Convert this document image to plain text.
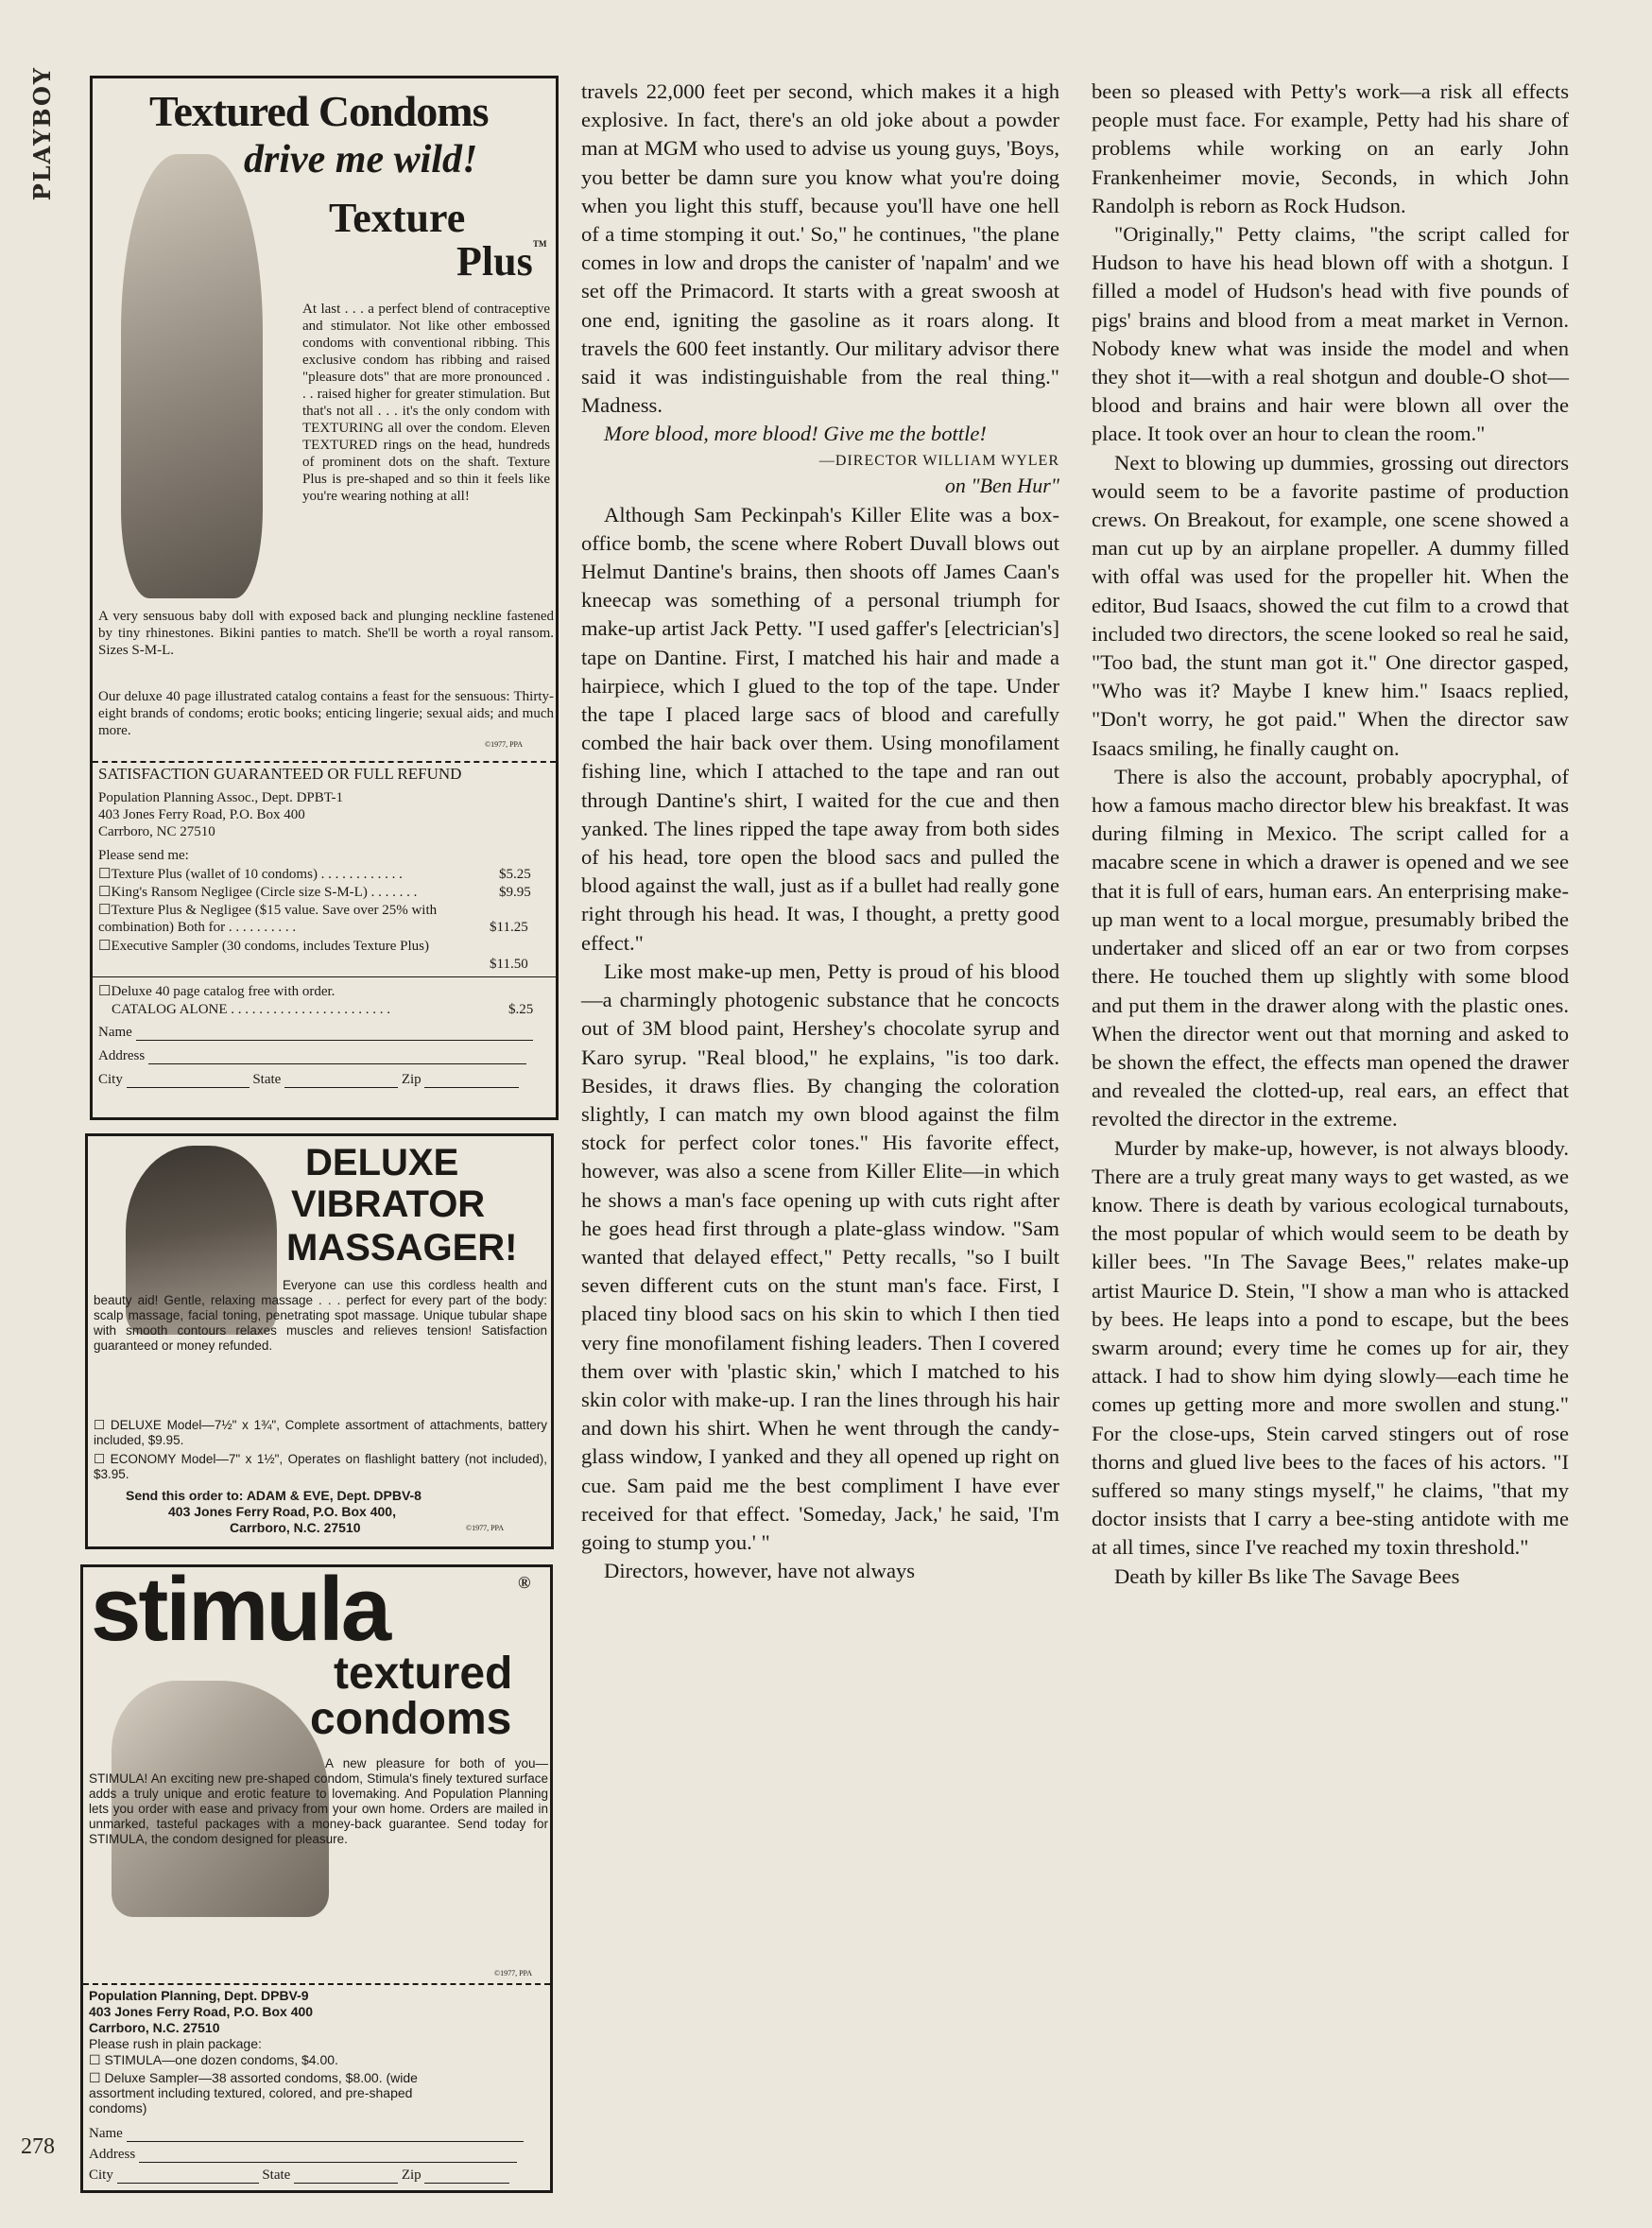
PLAYBOY
278
Textured Condoms
drive me wild!
Texture
Plus TM
At last . . . a perfect blend of contraceptive and stimulator. Not like other embossed condoms with conventional ribbing. This exclusive condom has ribbing and raised "pleasure dots" that are more pronounced . . . raised higher for greater stimulation. But that's not all . . . it's the only condom with TEXTURING all over the condom. Eleven TEXTURED rings on the head, hundreds of prominent dots on the shaft. Texture Plus is pre-shaped and so thin it feels like you're wearing nothing at all!
A very sensuous baby doll with exposed back and plunging neckline fastened by tiny rhinestones. Bikini panties to match. She'll be worth a royal ransom. Sizes S-M-L.
Our deluxe 40 page illustrated catalog contains a feast for the sensuous: Thirty-eight brands of condoms; erotic books; enticing lingerie; sexual aids; and much more.
©1977, PPA
SATISFACTION GUARANTEED OR FULL REFUND
Population Planning Assoc., Dept. DPBT-1
403 Jones Ferry Road, P.O. Box 400
Carrboro, NC 27510
Please send me:
☐Texture Plus (wallet of 10 condoms) . . . . . . . . . . . .	$5.25
☐King's Ransom Negligee (Circle size S-M-L) . . . . . . .	$9.95
☐Texture Plus & Negligee ($15 value. Save over 25% with combination) Both for . . . . . . . . . .	$11.25
☐Executive Sampler (30 condoms, includes Texture Plus)
$11.50
☐Deluxe 40 page catalog free with order.
CATALOG ALONE . . . . . . . . . . . . . . . . . . . . . . .	$.25
Name
Address
City	State	Zip
DELUXE
VIBRATOR
MASSAGER!
Everyone can use this cordless health and beauty aid! Gentle, relaxing massage . . . perfect for every part of the body: scalp massage, facial toning, penetrating spot massage. Unique tubular shape with smooth contours relaxes muscles and relieves tension! Satisfaction guaranteed or money refunded.
☐ DELUXE Model—7½" x 1¾", Complete assortment of attachments, battery included, $9.95.
☐ ECONOMY Model—7" x 1½", Operates on flashlight battery (not included), $3.95.
Send this order to: ADAM & EVE, Dept. DPBV-8
403 Jones Ferry Road, P.O. Box 400,
Carrboro, N.C. 27510	©1977, PPA
stimula	®
textured
condoms
A new pleasure for both of you—STIMULA! An exciting new pre-shaped condom, Stimula's finely textured surface adds a truly unique and erotic feature to lovemaking. And Population Planning lets you order with ease and privacy from your own home. Orders are mailed in unmarked, tasteful packages with a money-back guarantee. Send today for STIMULA, the condom designed for pleasure.
©1977, PPA
Population Planning, Dept. DPBV-9
403 Jones Ferry Road, P.O. Box 400
Carrboro, N.C. 27510
Please rush in plain package:
☐ STIMULA—one dozen condoms, $4.00.
☐ Deluxe Sampler—38 assorted condoms, $8.00. (wide assortment including textured, colored, and pre-shaped condoms)
Name
Address
City	State	Zip

travels 22,000 feet per second, which makes it a high explosive. In fact, there's an old joke about a powder man at MGM who used to advise us young guys, 'Boys, you better be damn sure you know what you're doing when you light this stuff, because you'll have one hell of a time stomping it out.' So," he continues, "the plane comes in low and drops the canister of 'napalm' and we set off the Primacord. It starts with a great swoosh at one end, igniting the gasoline as it roars along. It travels the 600 feet instantly. Our military advisor there said it was indistinguishable from the real thing." Madness.

More blood, more blood! Give me the bottle!

—DIRECTOR WILLIAM WYLER
on "Ben Hur"

Although Sam Peckinpah's Killer Elite was a box-office bomb, the scene where Robert Duvall blows out Helmut Dantine's brains, then shoots off James Caan's kneecap was something of a personal triumph for make-up artist Jack Petty. "I used gaffer's [electrician's] tape on Dantine. First, I matched his hair and made a hairpiece, which I glued to the top of the tape. Under the tape I placed large sacs of blood and carefully combed the hair back over them. Using monofilament fishing line, which I attached to the tape and ran out through Dantine's shirt, I waited for the cue and then yanked. The lines ripped the tape away from both sides of his head, tore open the blood sacs and pulled the blood against the wall, just as if a bullet had really gone right through his head. It was, I thought, a pretty good effect."

Like most make-up men, Petty is proud of his blood—a charmingly photogenic substance that he concocts out of 3M blood paint, Hershey's chocolate syrup and Karo syrup. "Real blood," he explains, "is too dark. Besides, it draws flies. By changing the coloration slightly, I can match my own blood against the film stock for perfect color tones." His favorite effect, however, was also a scene from Killer Elite—in which he shows a man's face opening up with cuts right after he goes head first through a plate-glass window. "Sam wanted that delayed effect," Petty recalls, "so I built seven different cuts on the stunt man's face. First, I placed tiny blood sacs on his skin to which I then tied very fine monofilament fishing leaders. Then I covered them over with 'plastic skin,' which I matched to his skin color with make-up. I ran the lines through his hair and down his shirt. When he went through the candy-glass window, I yanked and they all opened up right on cue. Sam paid me the best compliment I have ever received for that effect. 'Someday, Jack,' he said, 'I'm going to stump you.' "

Directors, however, have not always

been so pleased with Petty's work—a risk all effects people must face. For example, Petty had his share of problems while working on an early John Frankenheimer movie, Seconds, in which John Randolph is reborn as Rock Hudson.

"Originally," Petty claims, "the script called for Hudson to have his head blown off with a shotgun. I filled a model of Hudson's head with five pounds of pigs' brains and blood from a meat market in Vernon. Nobody knew what was inside the model and when they shot it—with a real shotgun and double-O shot—blood and brains and hair were blown all over the place. It took over an hour to clean the room."

Next to blowing up dummies, grossing out directors would seem to be a favorite pastime of production crews. On Breakout, for example, one scene showed a man cut up by an airplane propeller. A dummy filled with offal was used for the propeller hit. When the editor, Bud Isaacs, showed the cut film to a crowd that included two directors, the scene looked so real he said, "Too bad, the stunt man got it." One director gasped, "Who was it? Maybe I knew him." Isaacs replied, "Don't worry, he got paid." When the director saw Isaacs smiling, he finally caught on.

There is also the account, probably apocryphal, of how a famous macho director blew his breakfast. It was during filming in Mexico. The script called for a macabre scene in which a drawer is opened and we see that it is full of ears, human ears. An enterprising make-up man went to a local morgue, presumably bribed the undertaker and sliced off an ear or two from corpses there. He touched them up slightly with some blood and put them in the drawer along with the plastic ones. When the director went out that morning and asked to be shown the effect, the effects man opened the drawer and revealed the clotted-up, real ears, an effect that revolted the director in the extreme.

Murder by make-up, however, is not always bloody. There are a truly great many ways to get wasted, as we know. There is death by various ecological turnabouts, the most popular of which would seem to be death by killer bees. "In The Savage Bees," relates make-up artist Maurice D. Stein, "I show a man who is attacked by bees. He leaps into a pond to escape, but the bees swarm around; every time he comes up for air, they attack. I had to show him dying slowly—each time he comes up getting more and more swollen and stung." For the close-ups, Stein carved stingers out of rose thorns and glued live bees to the faces of his actors. "I suffered so many stings myself," he claims, "that my doctor insists that I carry a bee-sting antidote with me at all times, since I've reached my toxin threshold."

Death by killer Bs like The Savage Bees
